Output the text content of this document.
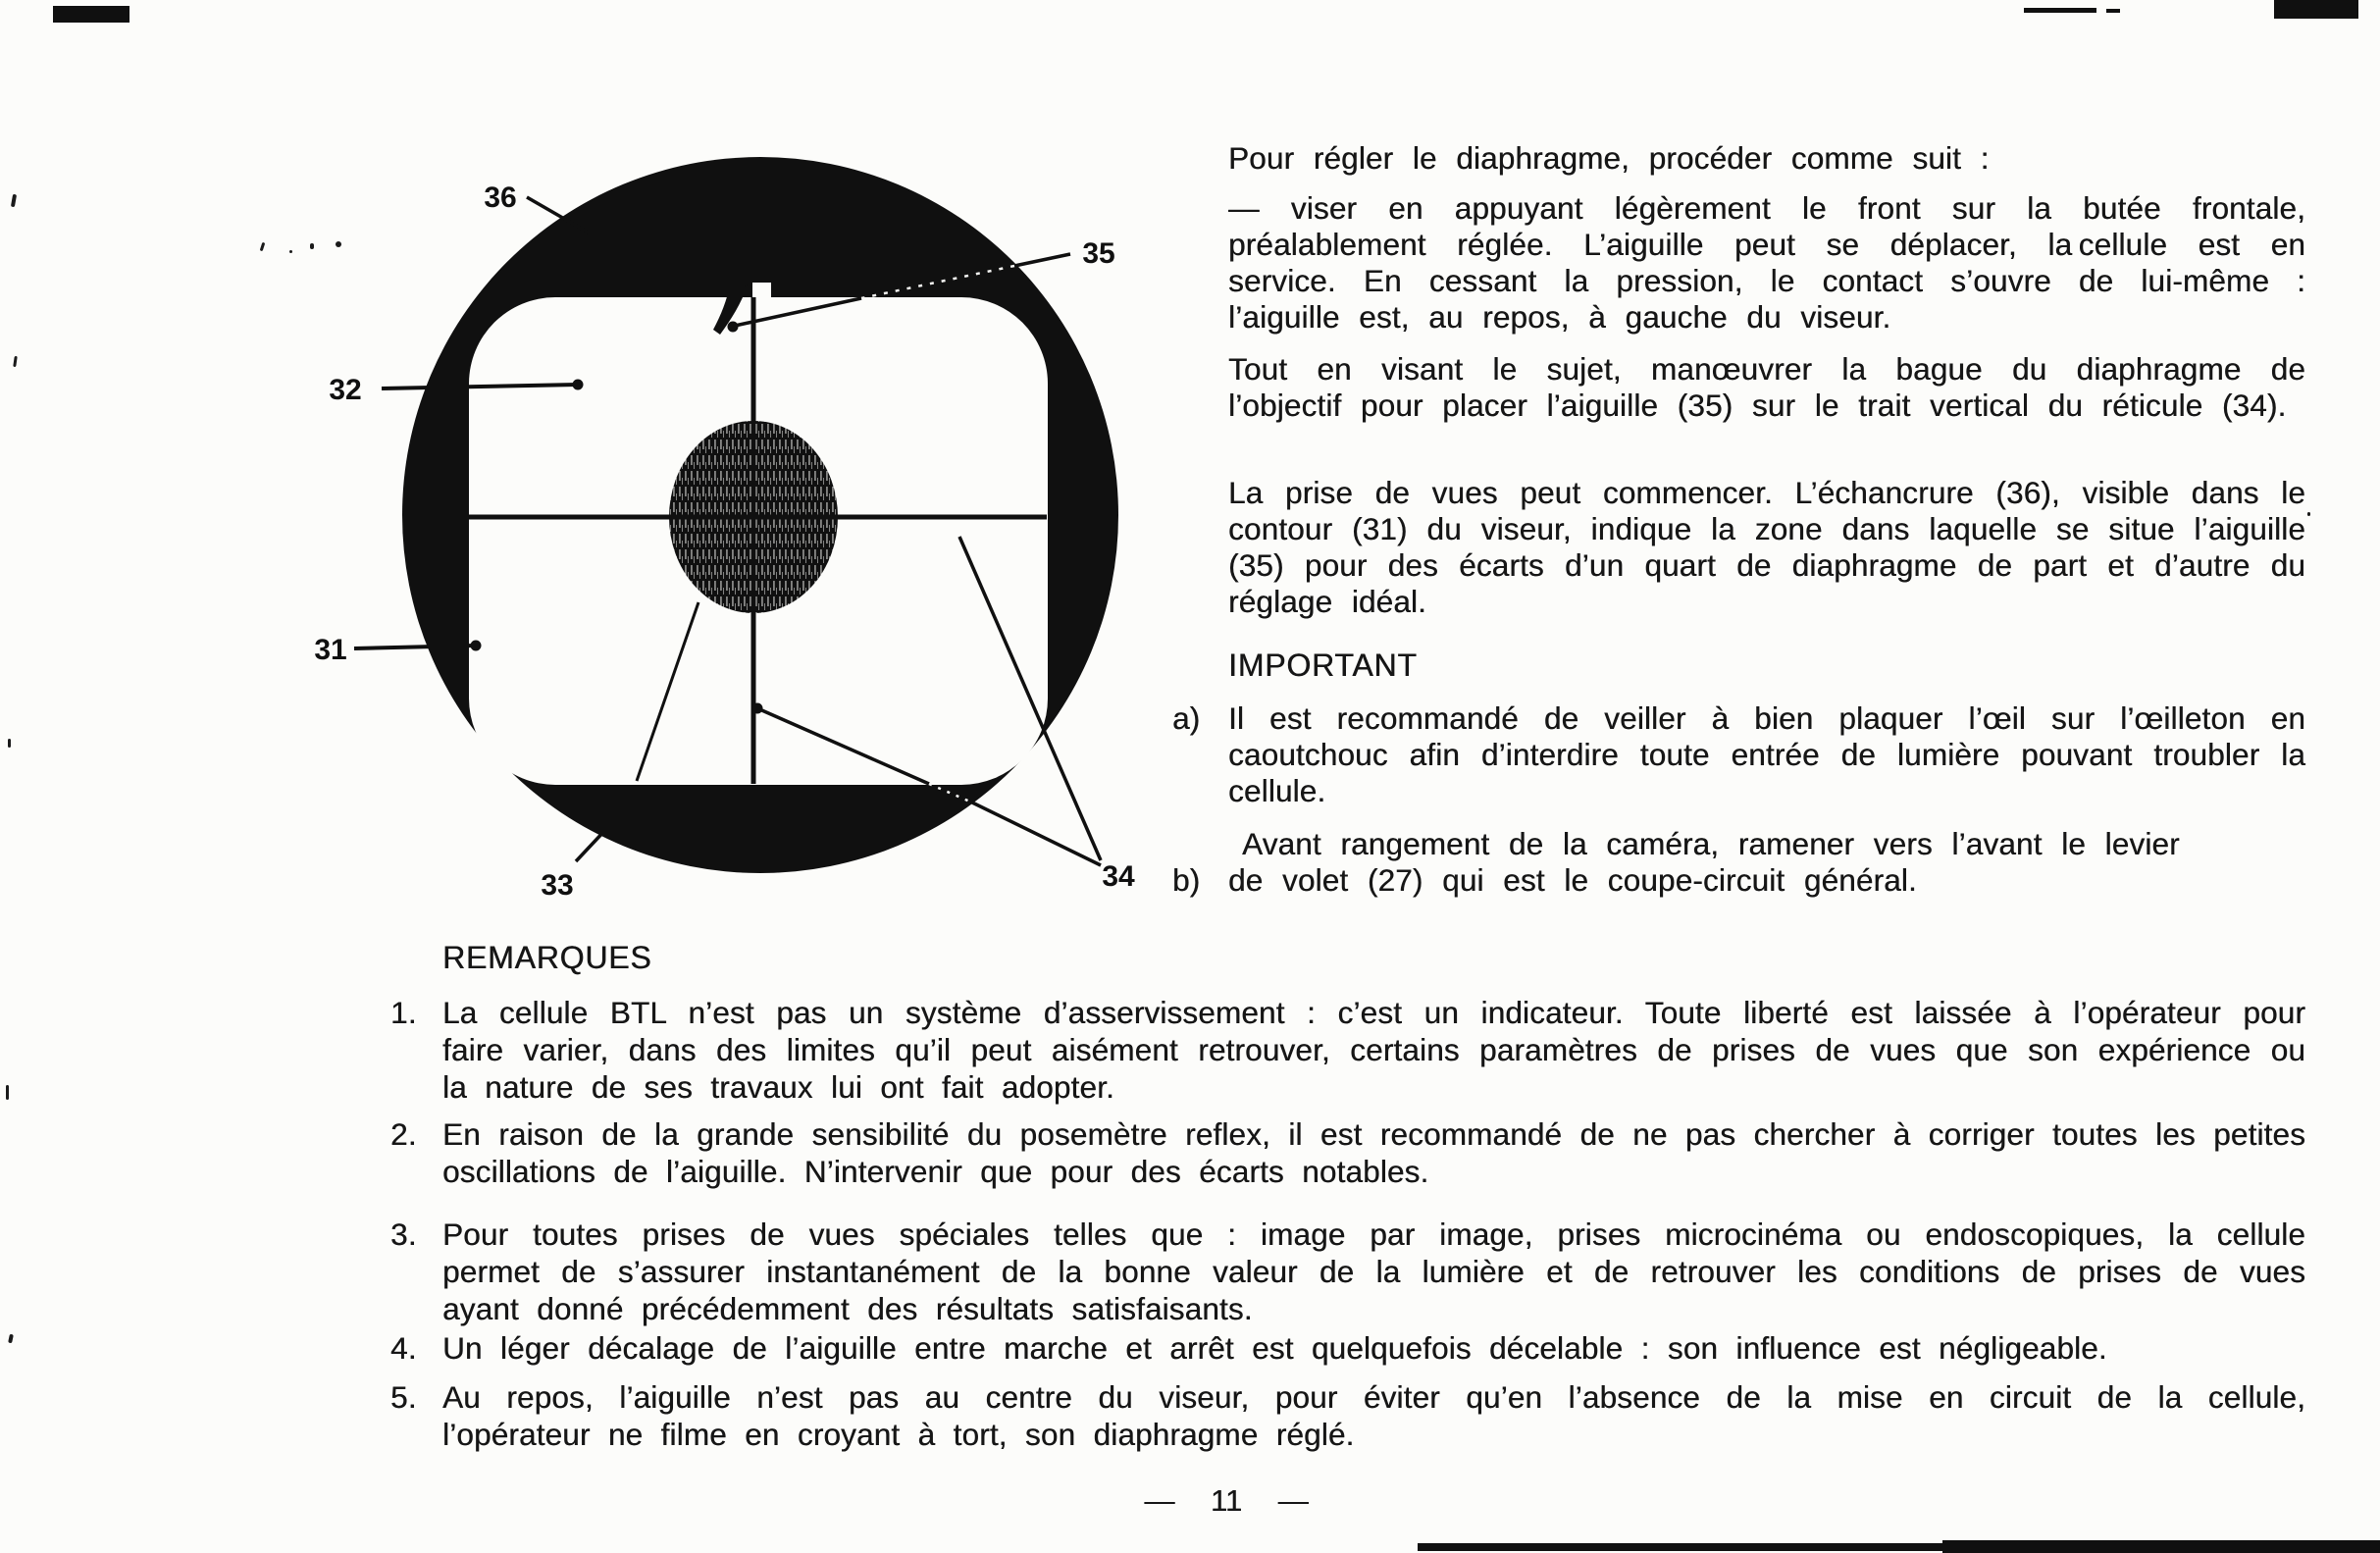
36
35
32
31
33	34
Pour régler le diaphragme, procéder comme suit :
— viser en appuyant légèrement le front sur la butée frontale, préalablement réglée. L’aiguille peut se déplacer, la cellule est en service. En cessant la pression, le contact s’ouvre de lui-même : l’aiguille est, au repos, à gauche du viseur.
Tout en visant le sujet, manœuvrer la bague du diaphragme de l’objectif pour placer l’aiguille (35) sur le trait vertical du réticule (34).
La prise de vues peut commencer. L’échancrure (36), visible dans le contour (31) du viseur, indique la zone dans laquelle se situe l’aiguille (35) pour des écarts d’un quart de diaphragme de part et d’autre du réglage idéal.
IMPORTANT
a) Il est recommandé de veiller à bien plaquer l’œil sur l’œilleton en caoutchouc afin d’interdire toute entrée de lumière pouvant troubler la cellule.
b)
Avant rangement de la caméra, ramener vers l’avant le levier
de volet (27) qui est le coupe-circuit général.
REMARQUES
1. La cellule BTL n’est pas un système d’asservissement : c’est un indicateur. Toute liberté est laissée à l’opérateur pour faire varier, dans des limites qu’il peut aisément retrouver, certains paramètres de prises de vues que son expérience ou la nature de ses travaux lui ont fait adopter.
2. En raison de la grande sensibilité du posemètre reflex, il est recommandé de ne pas chercher à corriger toutes les petites oscillations de l’aiguille. N’intervenir que pour des écarts notables.
3. Pour toutes prises de vues spéciales telles que : image par image, prises microcinéma ou endoscopiques, la cellule permet de s’assurer instantanément de la bonne valeur de la lumière et de retrouver les conditions de prises de vues ayant donné précédemment des résultats satisfaisants.
4. Un léger décalage de l’aiguille entre marche et arrêt est quelquefois décelable : son influence est négligeable.
5. Au repos, l’aiguille n’est pas au centre du viseur, pour éviter qu’en l’absence de la mise en circuit de la cellule, l’opérateur ne filme en croyant à tort, son diaphragme réglé.
— 11 —
